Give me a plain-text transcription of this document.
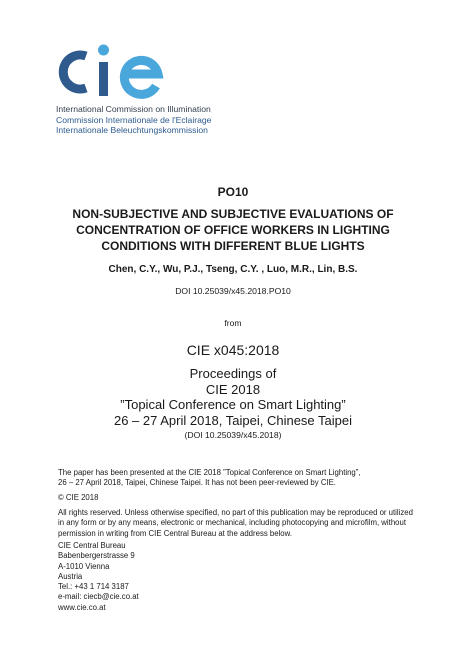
International Commission on Illumination
Commission Internationale de l'Eclairage
Internationale Beleuchtungskommission
PO10
NON-SUBJECTIVE AND SUBJECTIVE EVALUATIONS OF
CONCENTRATION OF OFFICE WORKERS IN LIGHTING
CONDITIONS WITH DIFFERENT BLUE LIGHTS
Chen, C.Y., Wu, P.J., Tseng, C.Y. , Luo, M.R., Lin, B.S.
DOI 10.25039/x45.2018.PO10
from
CIE x045:2018
Proceedings of
CIE 2018
”Topical Conference on Smart Lighting”
26 – 27 April 2018, Taipei, Chinese Taipei
(DOI 10.25039/x45.2018)
The paper has been presented at the CIE 2018 ”Topical Conference on Smart Lighting”,
26 – 27 April 2018, Taipei, Chinese Taipei. It has not been peer-reviewed by CIE.
© CIE 2018
All rights reserved. Unless otherwise specified, no part of this publication may be reproduced or utilized
in any form or by any means, electronic or mechanical, including photocopying and microfilm, without
permission in writing from CIE Central Bureau at the address below.
CIE Central Bureau
Babenbergerstrasse 9
A-1010 Vienna
Austria
Tel.: +43 1 714 3187
e-mail: ciecb@cie.co.at
www.cie.co.at
